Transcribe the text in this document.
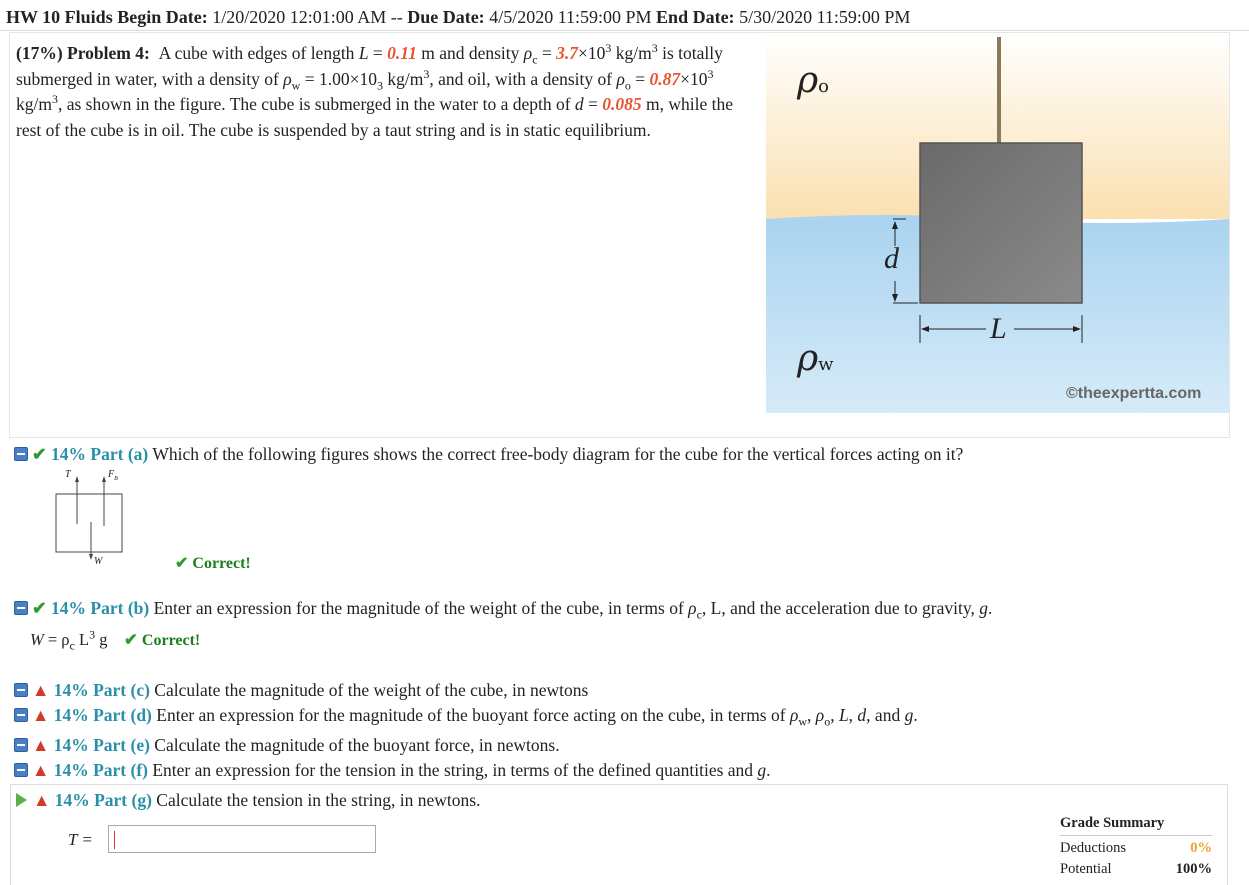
HW 10 Fluids Begin Date: 1/20/2020 12:01:00 AM -- Due Date: 4/5/2020 11:59:00 PM End Date: 5/30/2020 11:59:00 PM
(17%) Problem 4:  A cube with edges of length L = 0.11 m and density $\rho_c = 3.7\times 10^3$ $kg/m^3$ is totally submerged in water, with a density of $\rho_w = 1.00\times 10_3$ $kg/m^3$, and oil, with a density of $\rho_o = 0.87\times 10^3$ $kg/m^3$, as shown in the figure. The cube is submerged in the water to a depth of d = 0.085 m, while the rest of the cube is in oil. The cube is suspended by a taut string and is in static equilibrium.
ρo
ρw
d
L
©theexpertta.com
✔ 14% Part (a) Which of the following figures shows the correct free-body diagram for the cube for the vertical forces acting on it?
T	$F_B$
W	✔ Correct!
✔ 14% Part (b) Enter an expression for the magnitude of the weight of the cube, in terms of $\rho_c$, L, and the acceleration due to gravity, g.
$W = \rho_c$ $L^3$ g ✔ Correct!
▲ 14% Part (c) Calculate the magnitude of the weight of the cube, in newtons
▲ 14% Part (d) Enter an expression for the magnitude of the buoyant force acting on the cube, in terms of $\rho_w$, $\rho_o$, L, d, and g.
▲ 14% Part (e) Calculate the magnitude of the buoyant force, in newtons.
▲ 14% Part (f) Enter an expression for the tension in the string, in terms of the defined quantities and g.
▲ 14% Part (g) Calculate the tension in the string, in newtons.
T =
Grade Summary
Deductions	0%
Potential	100%
